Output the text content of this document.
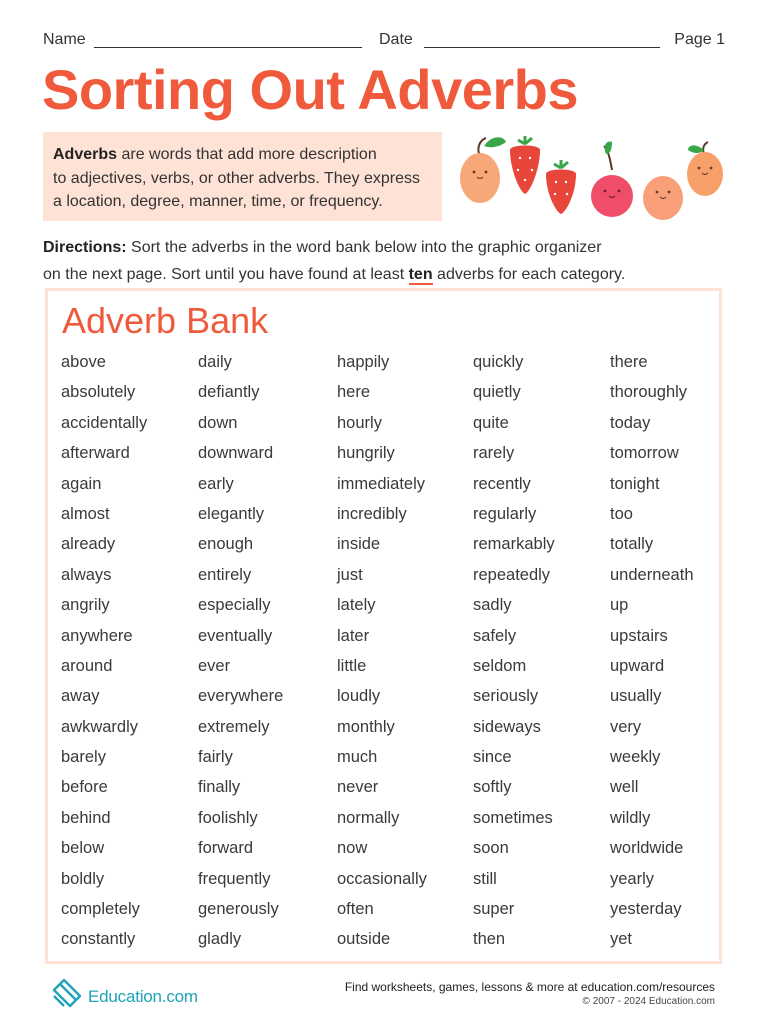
Name	Date	Page 1
Sorting Out Adverbs
Adverbs are words that add more description
to adjectives, verbs, or other adverbs. They express
a location, degree, manner, time, or frequency.
Directions: Sort the adverbs in the word bank below into the graphic organizer
on the next page. Sort until you have found at least ten adverbs for each category.
Adverb Bank
above
absolutely
accidentally
afterward
again
almost
already
always
angrily
anywhere
around
away
awkwardly
barely
before
behind
below
boldly
completely
constantly
daily
defiantly
down
downward
early
elegantly
enough
entirely
especially
eventually
ever
everywhere
extremely
fairly
finally
foolishly
forward
frequently
generously
gladly
happily
here
hourly
hungrily
immediately
incredibly
inside
just
lately
later
little
loudly
monthly
much
never
normally
now
occasionally
often
outside
quickly
quietly
quite
rarely
recently
regularly
remarkably
repeatedly
sadly
safely
seldom
seriously
sideways
since
softly
sometimes
soon
still
super
then
there
thoroughly
today
tomorrow
tonight
too
totally
underneath
up
upstairs
upward
usually
very
weekly
well
wildly
worldwide
yearly
yesterday
yet
Education.com	Find worksheets, games, lessons & more at education.com/resources
© 2007 - 2024 Education.com
